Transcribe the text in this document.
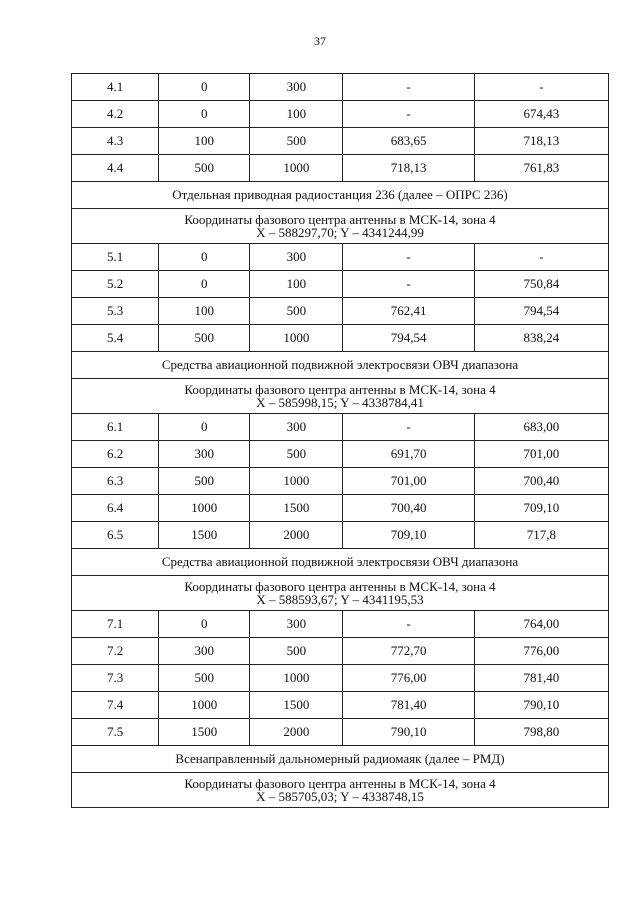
37
4.1	0	300	-	-
4.2	0	100	-	674,43
4.3	100	500	683,65	718,13
4.4	500	1000	718,13	761,83
Отдельная приводная радиостанция 236 (далее – ОПРС 236)				

Координаты фазового центра антенны в МСК-14, зона 4
X – 588297,70; Y – 4341244,99				

5.1	0	300	-	-
5.2	0	100	-	750,84
5.3	100	500	762,41	794,54
5.4	500	1000	794,54	838,24
Средства авиационной подвижной электросвязи ОВЧ диапазона				

Координаты фазового центра антенны в МСК-14, зона 4
X – 585998,15; Y – 4338784,41				

6.1	0	300	-	683,00
6.2	300	500	691,70	701,00
6.3	500	1000	701,00	700,40
6.4	1000	1500	700,40	709,10
6.5	1500	2000	709,10	717,8
Средства авиационной подвижной электросвязи ОВЧ диапазона				

Координаты фазового центра антенны в МСК-14, зона 4
X – 588593,67; Y – 4341195,53				

7.1	0	300	-	764,00
7.2	300	500	772,70	776,00
7.3	500	1000	776,00	781,40
7.4	1000	1500	781,40	790,10
7.5	1500	2000	790,10	798,80
Всенаправленный дальномерный радиомаяк (далее – РМД)				

Координаты фазового центра антенны в МСК-14, зона 4
X – 585705,03; Y – 4338748,15				
